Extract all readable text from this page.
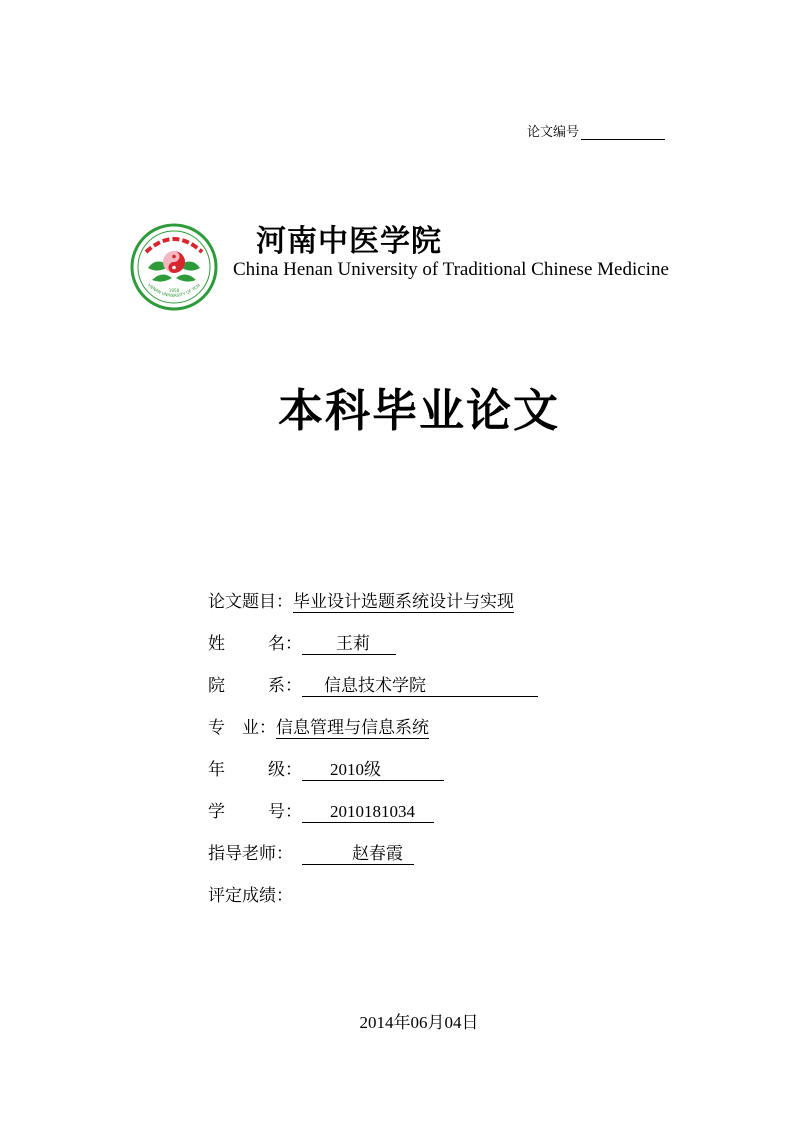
论文编号
1958
HENAN UNIVERSITY OF TCM
河南中医学院
China Henan University of Traditional Chinese Medicine
本科毕业论文
论文题目：毕业设计选题系统设计与实现
姓	名： 王莉
院	系： 信息技术学院
专　业：信息管理与信息系统
年	级： 2010级
学	号： 2010181034
指导老师：	赵春霞
评定成绩：
2014年06月04日
